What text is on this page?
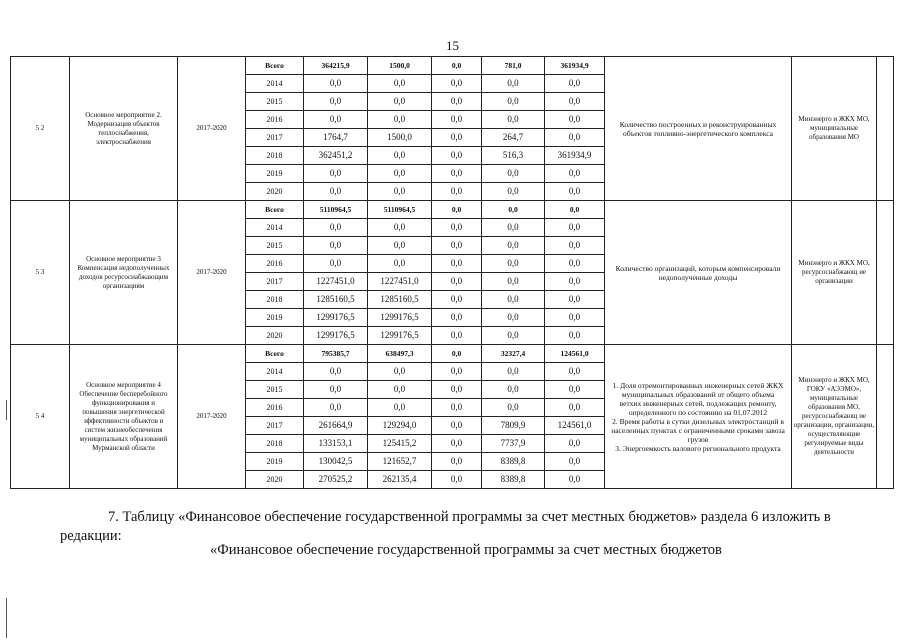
15
5 2	Основное мероприятие 2. Модернизация объектов теплоснабжения, электроснабжения	2017-2020	Всего	364215,9	1500,0	0,0	781,0	361934,9	Количество построенных и реконструированных объектов топливно-энергетического комплекса	Минэнерго и ЖКХ МО, муниципальные образования МО	
			2014	0,0	0,0	0,0	0,0	0,0			
			2015	0,0	0,0	0,0	0,0	0,0			
			2016	0,0	0,0	0,0	0,0	0,0			
			2017	1764,7	1500,0	0,0	264,7	0,0			
			2018	362451,2	0,0	0,0	516,3	361934,9			
			2019	0,0	0,0	0,0	0,0	0,0			
			2020	0,0	0,0	0,0	0,0	0,0			
5 3	Основное мероприятие 3 Компенсация недополученных доходов ресурсоснабжающим организациям	2017-2020	Всего	5110964,5	5110964,5	0,0	0,0	0,0	Количество организаций, которым компенсировали недополученные доходы	Минэнерго и ЖКХ МО, ресурсоснабжающ ие организации	
			2014	0,0	0,0	0,0	0,0	0,0			
			2015	0,0	0,0	0,0	0,0	0,0			
			2016	0,0	0,0	0,0	0,0	0,0			
			2017	1227451,0	1227451,0	0,0	0,0	0,0			
			2018	1285160,5	1285160,5	0,0	0,0	0,0			
			2019	1299176,5	1299176,5	0,0	0,0	0,0			
			2020	1299176,5	1299176,5	0,0	0,0	0,0			
5 4	Основное мероприятие 4 Обеспечение бесперебойного функционирования и повышения энергетической эффективности объектов и систем жизнеобеспечения муниципальных образований Мурманской области	2017-2020	Всего	795385,7	638497,3	0,0	32327,4	124561,0	1. Доля отремонтированных инженерных сетей ЖКХ муниципальных образований от общего объема ветхих инженерных сетей, подлежащих ремонту, определенного по состоянию на 01.07.2012
2. Время работы в сутки дизельных электростанций в населенных пунктах с ограниченными сроками завоза грузов
3. Энергоемкость валового регионального продукта	Минэнерго и ЖКХ МО, ГОКУ «АЭЭМО», муниципальные образования МО, ресурсоснабжающ ие организации, организации, осуществляющие регулируемые виды деятельности	
			2014	0,0	0,0	0,0	0,0	0,0			
			2015	0,0	0,0	0,0	0,0	0,0			
			2016	0,0	0,0	0,0	0,0	0,0			
			2017	261664,9	129294,0	0,0	7809,9	124561,0			
			2018	133153,1	125415,2	0,0	7737,9	0,0			
			2019	130042,5	121652,7	0,0	8389,8	0,0			
			2020	270525,2	262135,4	0,0	8389,8	0,0			
7. Таблицу «Финансовое обеспечение государственной программы за счет местных бюджетов» раздела 6 изложить в редакции:
«Финансовое обеспечение государственной программы за счет местных бюджетов
